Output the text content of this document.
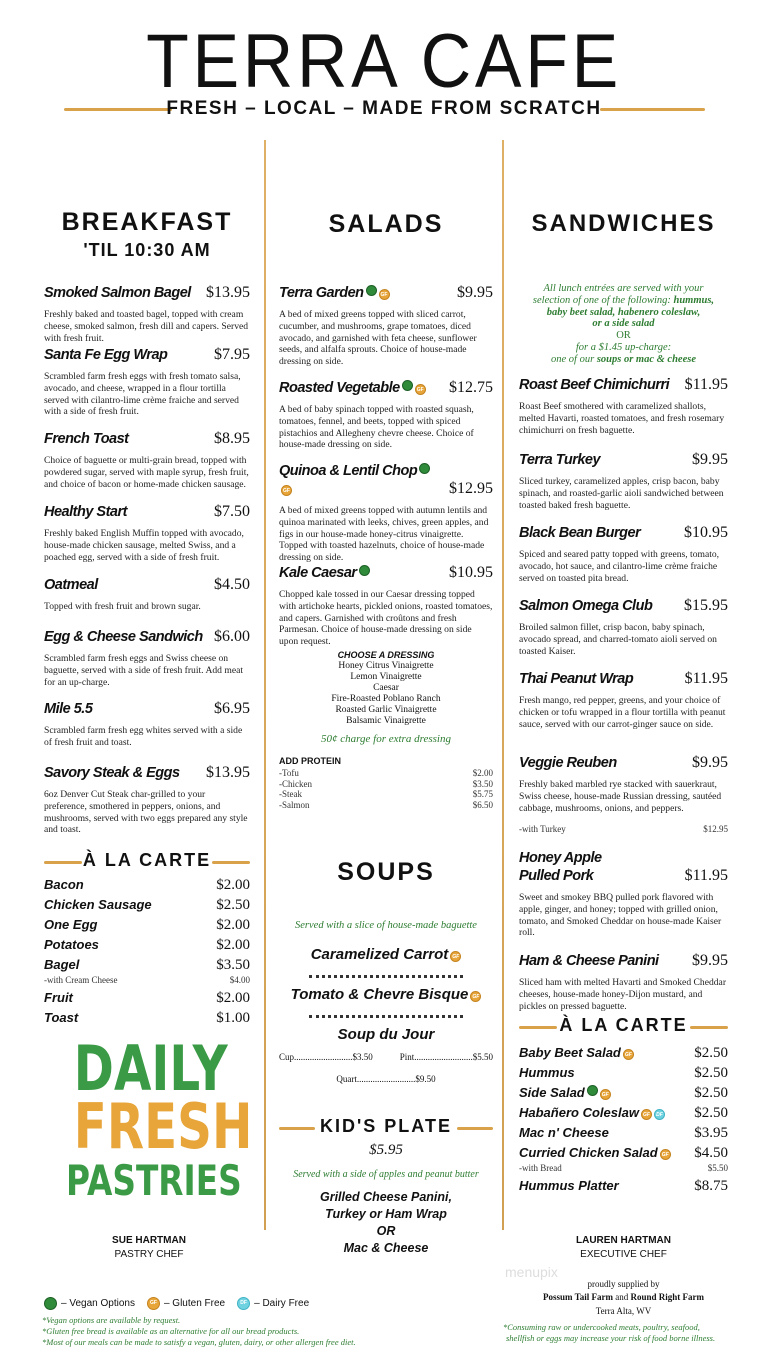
TERRA CAFE
FRESH – LOCAL – MADE FROM SCRATCH
BREAKFAST
'TIL 10:30 AM
Smoked Salmon Bagel $13.95
Freshly baked and toasted bagel, topped with cream cheese, smoked salmon, fresh dill and capers. Served with fresh fruit.
Santa Fe Egg Wrap	$7.95
Scrambled farm fresh eggs with fresh tomato salsa, avocado, and cheese, wrapped in a flour tortilla served with cilantro-lime crème fraiche and served with a side of fresh fruit.
French Toast	$8.95
Choice of baguette or multi-grain bread, topped with powdered sugar, served with maple syrup, fresh fruit, and choice of bacon or home-made chicken sausage.
Healthy Start	$7.50
Freshly baked English Muffin topped with avocado, house-made chicken sausage, melted Swiss, and a poached egg, served with a side of fresh fruit.
Oatmeal	$4.50
Topped with fresh fruit and brown sugar.
Egg & Cheese Sandwich $6.00
Scrambled farm fresh eggs and Swiss cheese on baguette, served with a side of fresh fruit. Add meat for an up-charge.
Mile 5.5	$6.95
Scrambled farm fresh egg whites served with a side of fresh fruit and toast.
Savory Steak & Eggs $13.95
6oz Denver Cut Steak char-grilled to your preference, smothered in peppers, onions, and mushrooms, served with two eggs prepared any style and toast.
À LA CARTE
Bacon	$2.00
Chicken Sausage	$2.50
One Egg	$2.00
Potatoes	$2.00
Bagel	$3.50
-with Cream Cheese	$4.00
Fruit	$2.00
Toast	$1.00
DAILY
FRESH
PASTRIES
SUE HARTMAN
PASTRY CHEF
SALADS
Terra Garden	GF	$9.95
A bed of mixed greens topped with sliced carrot, cucumber, and mushrooms, grape tomatoes, diced avocado, and garnished with feta cheese, sunflower seeds, and alfalfa sprouts. Choice of house-made dressing on side.
Roasted Vegetable	GF $12.75
A bed of baby spinach topped with roasted squash, tomatoes, fennel, and beets, topped with spiced pistachios and Allegheny chevre cheese. Choice of house-made dressing on side.
Quinoa & Lentil ChopGF	$12.95
A bed of mixed greens topped with autumn lentils and quinoa marinated with leeks, chives, green apples, and figs in our house-made honey-citrus vinaigrette. Topped with toasted hazelnuts, choice of house-made dressing on side.
Kale Caesar	$10.95
Chopped kale tossed in our Caesar dressing topped with artichoke hearts, pickled onions, roasted tomatoes, and capers. Garnished with croûtons and fresh Parmesan. Choice of house-made dressing on side upon request.
CHOOSE A DRESSING
Honey Citrus Vinaigrette
Lemon Vinaigrette
Caesar
Fire-Roasted Poblano Ranch
Roasted Garlic Vinaigrette
Balsamic Vinaigrette
50¢ charge for extra dressing
ADD PROTEIN
-Tofu	$2.00
-Chicken	$3.50
-Steak	$5.75
-Salmon	$6.50
SOUPS
Served with a slice of house-made baguette
Caramelized Carrot GF
Tomato & Chevre Bisque GF
Soup du Jour
Cup..........................$3.50	Pint..........................$5.50
Quart..........................$9.50
KID'S PLATE
$5.95
Served with a side of apples and peanut butter
Grilled Cheese Panini,
Turkey or Ham Wrap
OR
Mac & Cheese
SANDWICHES
All lunch entrées are served with your
selection of one of the following: hummus,
baby beet salad, habenero coleslaw,
or a side salad
OR
for a $1.45 up-charge:
one of our soups or mac & cheese
Roast Beef Chimichurri $11.95
Roast Beef smothered with caramelized shallots, melted Havarti, roasted tomatoes, and fresh rosemary chimichurri on fresh baguette.
Terra Turkey	$9.95
Sliced turkey, caramelized apples, crisp bacon, baby spinach, and roasted-garlic aioli sandwiched between toasted baked fresh baguette.
Black Bean Burger	$10.95
Spiced and seared patty topped with greens, tomato, avocado, hot sauce, and cilantro-lime crème fraiche served on toasted pita bread.
Salmon Omega Club $15.95
Broiled salmon fillet, crisp bacon, baby spinach, avocado spread, and charred-tomato aioli served on toasted Kaiser.
Thai Peanut Wrap	$11.95
Fresh mango, red pepper, greens, and your choice of chicken or tofu wrapped in a flour tortilla with peanut sauce, served with our carrot-ginger sauce on side.
Veggie Reuben	$9.95
Freshly baked marbled rye stacked with sauerkraut, Swiss cheese, house-made Russian dressing, sautéed cabbage, mushrooms, onions, and peppers.
-with Turkey	$12.95
Honey Apple Pulled Pork	$11.95
Sweet and smokey BBQ pulled pork flavored with apple, ginger, and honey; topped with grilled onion, tomato, and Smoked Cheddar on house-made Kaiser roll.
Ham & Cheese Panini $9.95
Sliced ham with melted Havarti and Smoked Cheddar cheeses, house-made honey-Dijon mustard, and pickles on pressed baguette.
À LA CARTE
Baby Beet Salad GF	$2.50
Hummus	$2.50
Side Salad	GF	$2.50
Habañero Coleslaw GF DF $2.50
Mac n' Cheese	$3.95
Curried Chicken Salad GF $4.50
-with Bread	$5.50
Hummus Platter	$8.75
LAUREN HARTMAN
EXECUTIVE CHEF
menupix
proudly supplied by
Possum Tail Farm and Round Right Farm
Terra Alta, WV
– Vegan Options	GF – Gluten Free	DF – Dairy Free
*Vegan options are available by request.
*Gluten free bread is available as an alternative for all our bread products.
*Most of our meals can be made to satisfy a vegan, gluten, dairy, or other allergen free diet.
*Consuming raw or undercooked meats, poultry, seafood,
shellfish or eggs may increase your risk of food borne illness.
